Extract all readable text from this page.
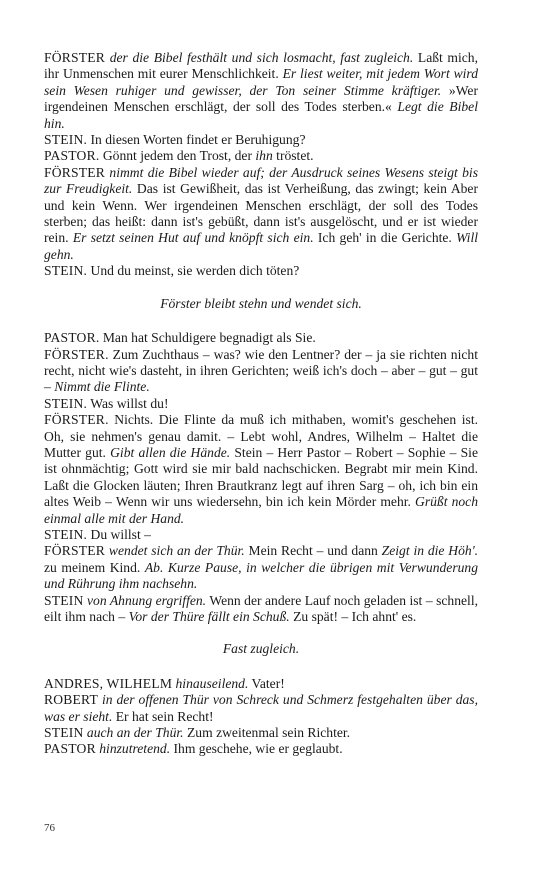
FÖRSTER der die Bibel festhält und sich losmacht, fast zugleich. Laßt mich, ihr Unmenschen mit eurer Menschlichkeit. Er liest weiter, mit jedem Wort wird sein Wesen ruhiger und gewisser, der Ton seiner Stimme kräftiger. »Wer irgendeinen Menschen erschlägt, der soll des Todes sterben.« Legt die Bibel hin.

STEIN. In diesen Worten findet er Beruhigung?

PASTOR. Gönnt jedem den Trost, der ihn tröstet.

FÖRSTER nimmt die Bibel wieder auf; der Ausdruck seines Wesens steigt bis zur Freudigkeit. Das ist Gewißheit, das ist Verheißung, das zwingt; kein Aber und kein Wenn. Wer irgendeinen Menschen erschlägt, der soll des Todes sterben; das heißt: dann ist's gebüßt, dann ist's ausgelöscht, und er ist wieder rein. Er setzt seinen Hut auf und knöpft sich ein. Ich geh' in die Gerichte. Will gehn.

STEIN. Und du meinst, sie werden dich töten?

Förster bleibt stehn und wendet sich.

PASTOR. Man hat Schuldigere begnadigt als Sie.

FÖRSTER. Zum Zuchthaus – was? wie den Lentner? der – ja sie richten nicht recht, nicht wie's dasteht, in ihren Gerichten; weiß ich's doch – aber – gut – gut – Nimmt die Flinte.

STEIN. Was willst du!

FÖRSTER. Nichts. Die Flinte da muß ich mithaben, womit's geschehen ist. Oh, sie nehmen's genau damit. – Lebt wohl, Andres, Wilhelm – Haltet die Mutter gut. Gibt allen die Hände. Stein – Herr Pastor – Robert – Sophie – Sie ist ohnmächtig; Gott wird sie mir bald nachschicken. Begrabt mir mein Kind. Laßt die Glocken läuten; Ihren Brautkranz legt auf ihren Sarg – oh, ich bin ein altes Weib – Wenn wir uns wiedersehn, bin ich kein Mörder mehr. Grüßt noch einmal alle mit der Hand.

STEIN. Du willst –

FÖRSTER wendet sich an der Thür. Mein Recht – und dann Zeigt in die Höh'. zu meinem Kind. Ab. Kurze Pause, in welcher die übrigen mit Verwunderung und Rührung ihm nachsehn.

STEIN von Ahnung ergriffen. Wenn der andere Lauf noch geladen ist – schnell, eilt ihm nach – Vor der Thüre fällt ein Schuß. Zu spät! – Ich ahnt' es.

Fast zugleich.

ANDRES, WILHELM hinauseilend. Vater!

ROBERT in der offenen Thür von Schreck und Schmerz festgehalten über das, was er sieht. Er hat sein Recht!

STEIN auch an der Thür. Zum zweitenmal sein Richter.

PASTOR hinzutretend. Ihm geschehe, wie er geglaubt.

76
